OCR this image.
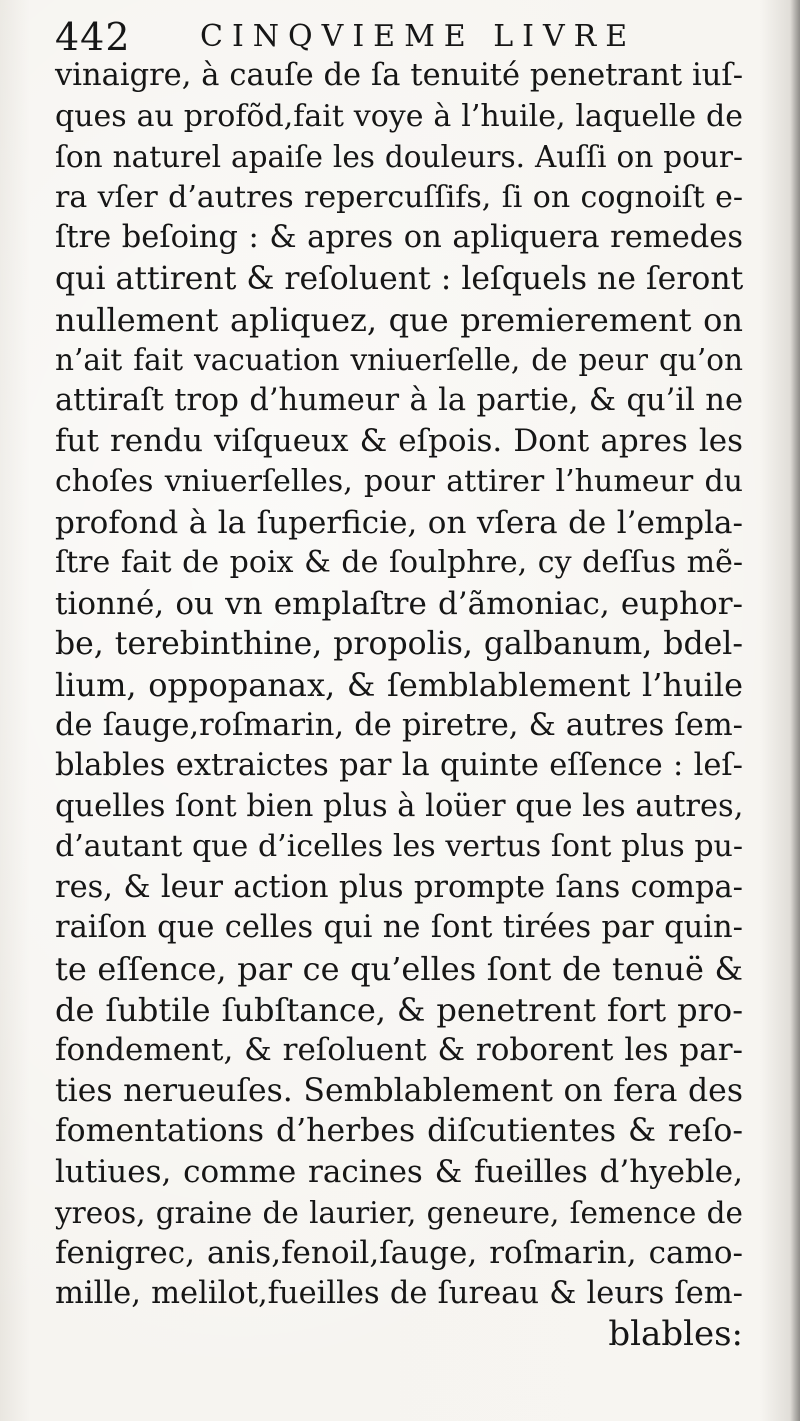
442 CINQVIEME LIVRE
vinaigre, à cauſe de ſa tenuité penetrant iuſ-
ques au profõd,fait voye à l’huile, laquelle de
ſon naturel apaiſe les douleurs. Auſſi on pour-
ra vſer d’autres repercuſſifs, ſi on cognoiſt e-
ſtre beſoing : & apres on apliquera remedes
qui attirent & reſoluent : leſquels ne ſeront
nullement apliquez, que premierement on
n’ait fait vacuation vniuerſelle, de peur qu’on
attiraſt trop d’humeur à la partie, & qu’il ne
fut rendu viſqueux & eſpois. Dont apres les
choſes vniuerſelles, pour attirer l’humeur du
profond à la ſuperficie, on vſera de l’empla-
ſtre fait de poix & de ſoulphre, cy deſſus mẽ-
tionné, ou vn emplaſtre d’ãmoniac, euphor-
be, terebinthine, propolis, galbanum, bdel-
lium, oppopanax, & ſemblablement l’huile
de ſauge,roſmarin, de piretre, & autres ſem-
blables extraictes par la quinte eſſence : leſ-
quelles ſont bien plus à loüer que les autres,
d’autant que d’icelles les vertus ſont plus pu-
res, & leur action plus prompte ſans compa-
raiſon que celles qui ne ſont tirées par quin-
te eſſence, par ce qu’elles ſont de tenuë &
de ſubtile ſubſtance, & penetrent fort pro-
fondement, & reſoluent & roborent les par-
ties nerueuſes. Semblablement on fera des
fomentations d’herbes diſcutientes & reſo-
lutiues, comme racines & fueilles d’hyeble,
yreos, graine de laurier, geneure, ſemence de
fenigrec, anis,fenoil,ſauge, roſmarin, camo-
mille, melilot,fueilles de ſureau & leurs ſem-
blables:
